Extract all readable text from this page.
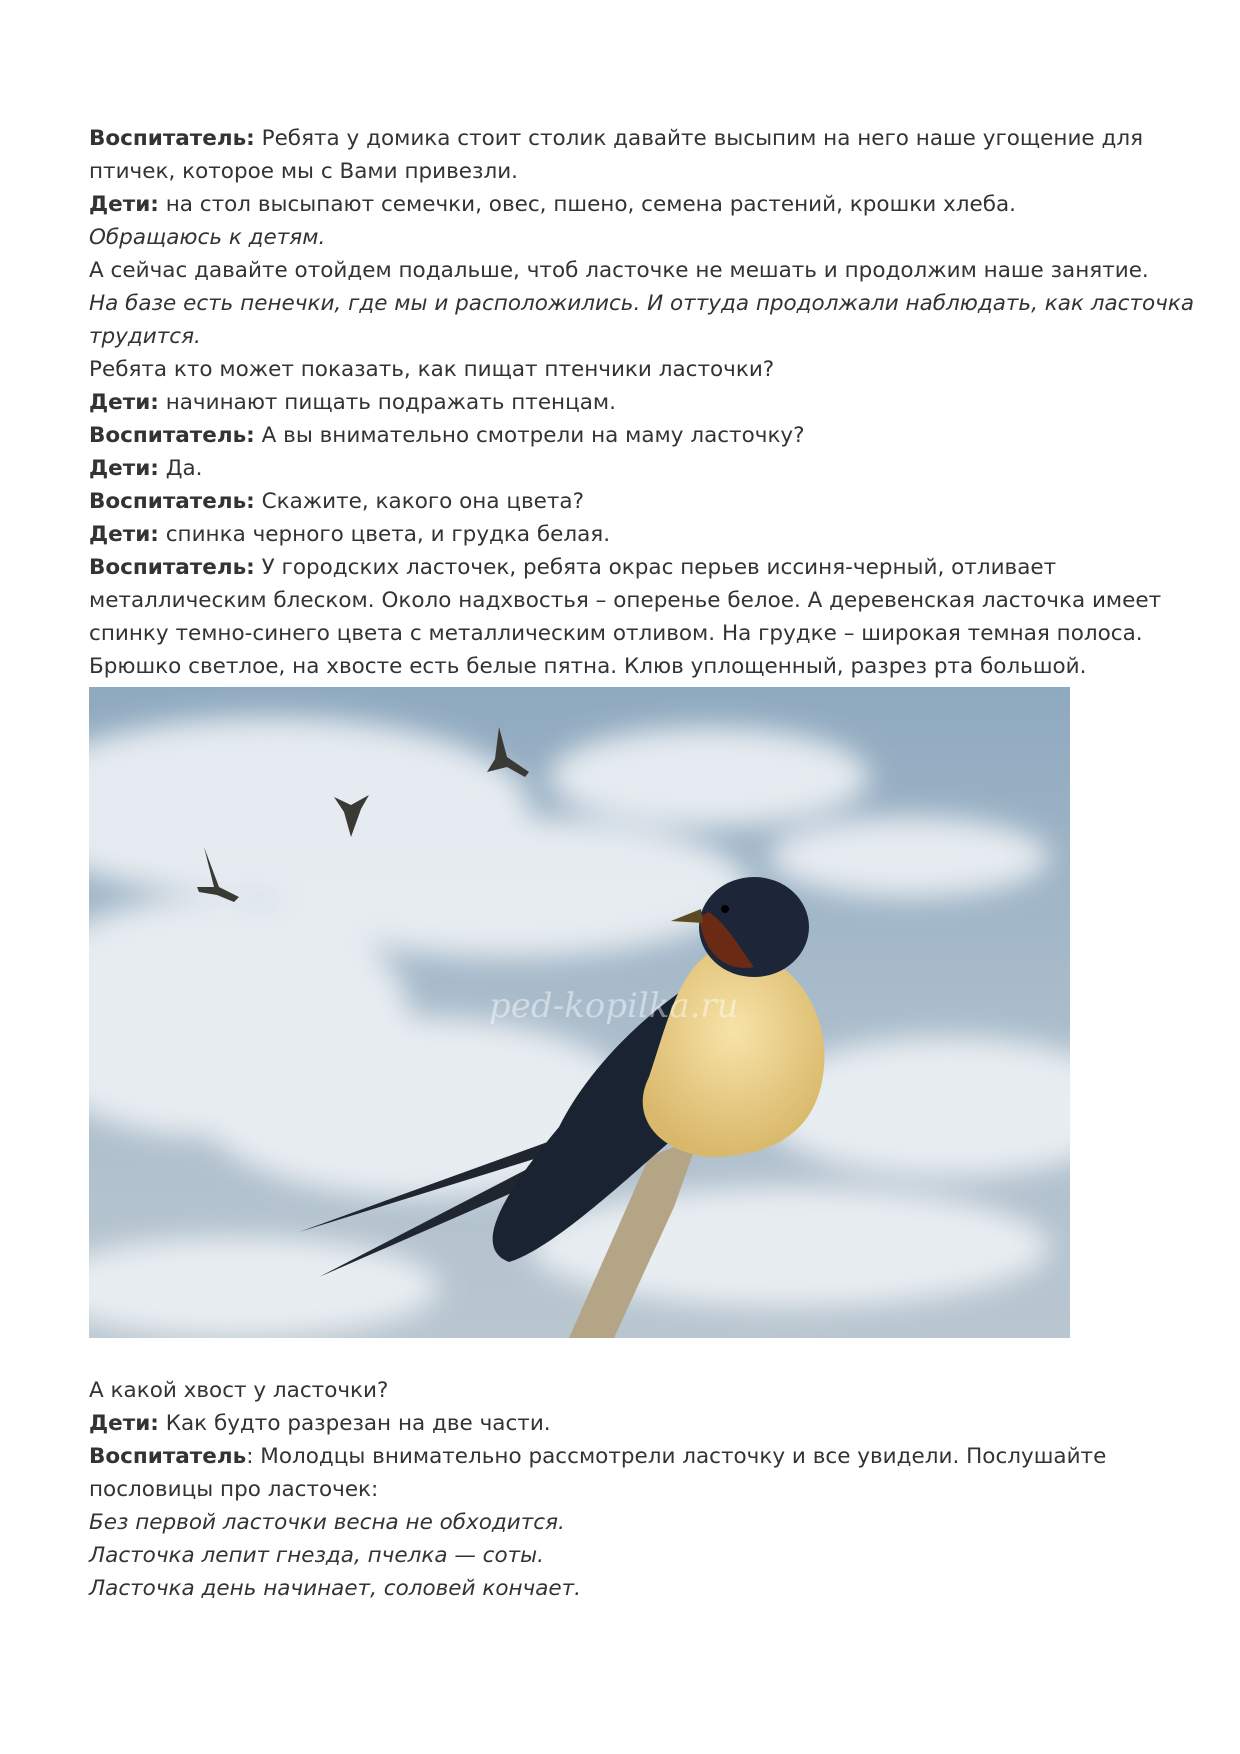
Воспитатель: Ребята у домика стоит столик давайте высыпим на него наше угощение для птичек, которое мы с Вами привезли.

Дети: на стол высыпают семечки, овес, пшено, семена растений, крошки хлеба.

Обращаюсь к детям.

А сейчас давайте отойдем подальше, чтоб ласточке не мешать и продолжим наше занятие.

На базе есть пенечки, где мы и расположились. И оттуда продолжали наблюдать, как ласточка трудится.

Ребята кто может показать, как пищат птенчики ласточки?

Дети: начинают пищать подражать птенцам.

Воспитатель: А вы внимательно смотрели на маму ласточку?

Дети: Да.

Воспитатель: Скажите, какого она цвета?

Дети: спинка черного цвета, и грудка белая.

Воспитатель: У городских ласточек, ребята окрас перьев иссиня-черный, отливает металлическим блеском. Около надхвостья – оперенье белое. А деревенская ласточка имеет спинку темно-синего цвета с металлическим отливом. На грудке – широкая темная полоса. Брюшко светлое, на хвосте есть белые пятна. Клюв уплощенный, разрез рта большой.

ped-kopilka.ru

А какой хвост у ласточки?

Дети: Как будто разрезан на две части.

Воспитатель: Молодцы внимательно рассмотрели ласточку и все увидели. Послушайте пословицы про ласточек:

Без первой ласточки весна не обходится.

Ласточка лепит гнезда, пчелка — соты.

Ласточка день начинает, соловей кончает.
